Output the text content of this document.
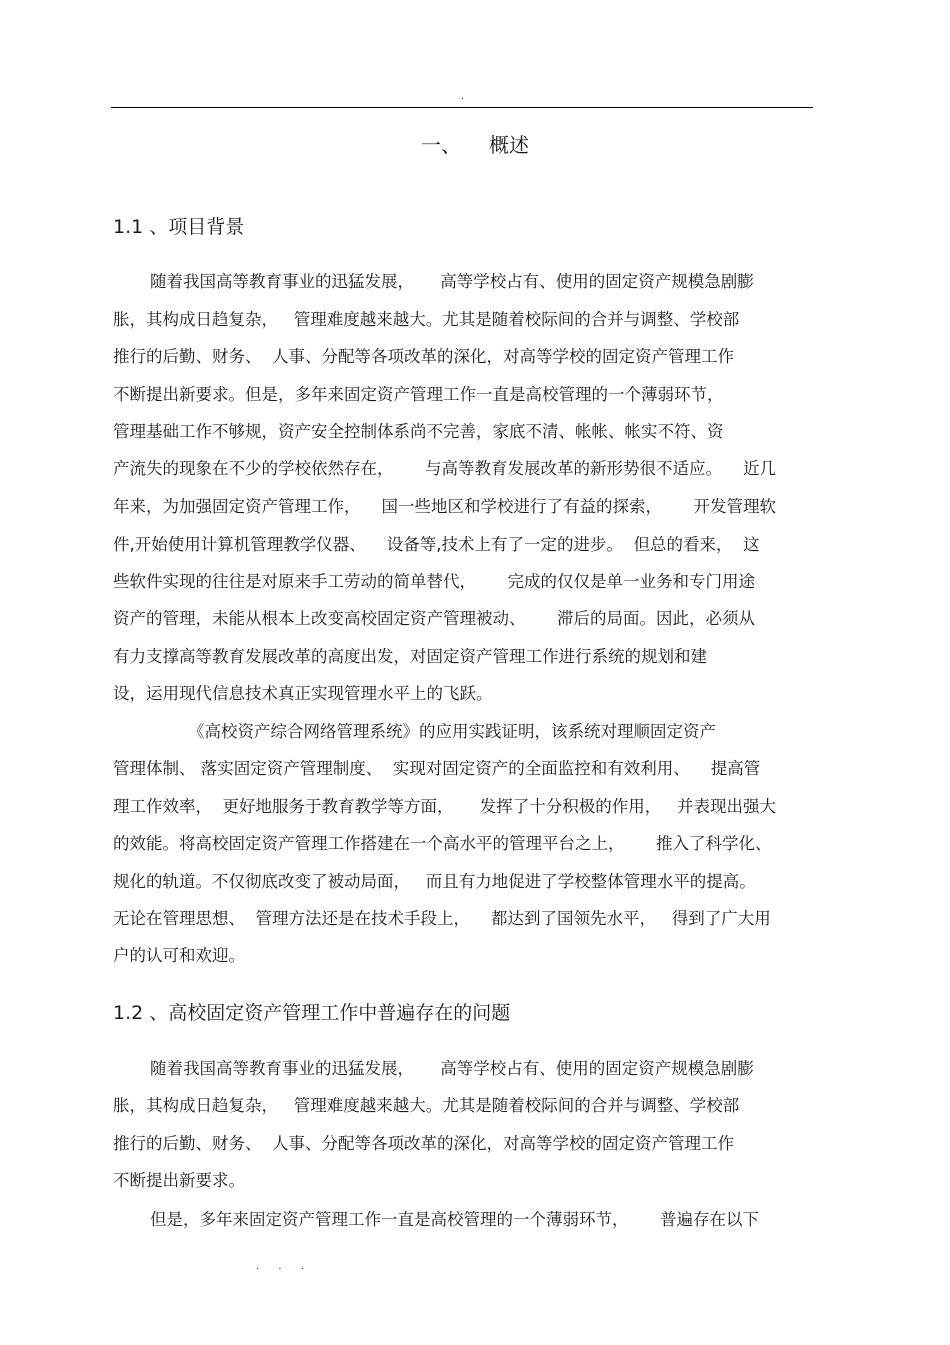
.
一、 概述
1.1 、项目背景
随着我国高等教育事业的迅猛发展，     高等学校占有、使用的固定资产规模急剧膨
胀，其构成日趋复杂，   管理难度越来越大。尤其是随着校际间的合并与调整、学校部
推行的后勤、财务、  人事、分配等各项改革的深化，对高等学校的固定资产管理工作
不断提出新要求。但是，多年来固定资产管理工作一直是高校管理的一个薄弱环节，
管理基础工作不够规，资产安全控制体系尚不完善，家底不清、帐帐、帐实不符、资
产流失的现象在不少的学校依然存在，      与高等教育发展改革的新形势很不适应。    近几
年来，为加强固定资产管理工作，    国一些地区和学校进行了有益的探索，      开发管理软
件,开始使用计算机管理教学仪器、    设备等,技术上有了一定的进步。  但总的看来，  这
些软件实现的往往是对原来手工劳动的简单替代，      完成的仅仅是单一业务和专门用途
资产的管理，未能从根本上改变高校固定资产管理被动、      滞后的局面。因此，必须从
有力支撑高等教育发展改革的高度出发，对固定资产管理工作进行系统的规划和建
设，运用现代信息技术真正实现管理水平上的飞跃。
《高校资产综合网络管理系统》的应用实践证明，该系统对理顺固定资产
管理体制、 落实固定资产管理制度、  实现对固定资产的全面监控和有效利用、    提高管
理工作效率，  更好地服务于教育教学等方面，     发挥了十分积极的作用，   并表现出强大
的效能。将高校固定资产管理工作搭建在一个高水平的管理平台之上，      推入了科学化、
规化的轨道。不仅彻底改变了被动局面，   而且有力地促进了学校整体管理水平的提高。
无论在管理思想、  管理方法还是在技术手段上，    都达到了国领先水平，   得到了广大用
户的认可和欢迎。
1.2 、高校固定资产管理工作中普遍存在的问题
随着我国高等教育事业的迅猛发展，     高等学校占有、使用的固定资产规模急剧膨
胀，其构成日趋复杂，   管理难度越来越大。尤其是随着校际间的合并与调整、学校部
推行的后勤、财务、  人事、分配等各项改革的深化，对高等学校的固定资产管理工作
不断提出新要求。
但是，多年来固定资产管理工作一直是高校管理的一个薄弱环节，      普遍存在以下
. . .
